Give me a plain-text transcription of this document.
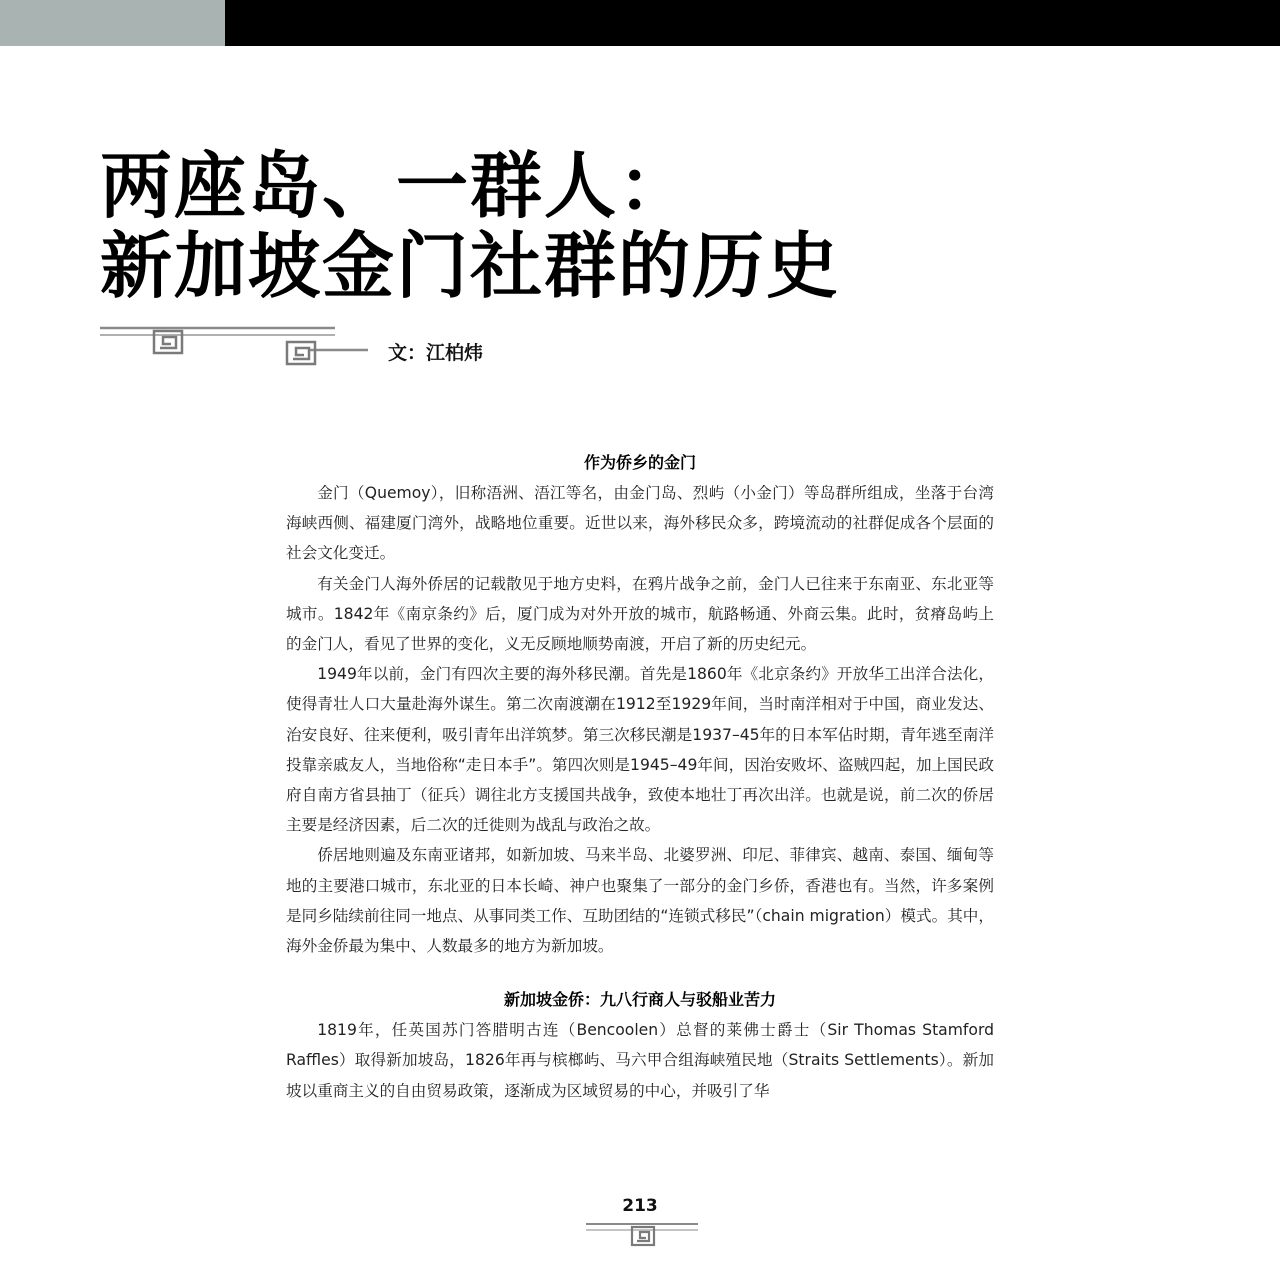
两座岛、一群人：
新加坡金门社群的历史
文：江柏炜
作为侨乡的金门

金门（Quemoy），旧称浯洲、浯江等名，由金门岛、烈屿（小金门）等岛群所组成，坐落于台湾海峡西侧、福建厦门湾外，战略地位重要。近世以来，海外移民众多，跨境流动的社群促成各个层面的社会文化变迁。

有关金门人海外侨居的记载散见于地方史料，在鸦片战争之前，金门人已往来于东南亚、东北亚等城市。1842年《南京条约》后，厦门成为对外开放的城市，航路畅通、外商云集。此时，贫瘠岛屿上的金门人，看见了世界的变化，义无反顾地顺势南渡，开启了新的历史纪元。

1949年以前，金门有四次主要的海外移民潮。首先是1860年《北京条约》开放华工出洋合法化，使得青壮人口大量赴海外谋生。第二次南渡潮在1912至1929年间，当时南洋相对于中国，商业发达、治安良好、往来便利，吸引青年出洋筑梦。第三次移民潮是1937–45年的日本军佔时期，青年逃至南洋投靠亲戚友人，当地俗称“走日本手”。第四次则是1945–49年间，因治安败坏、盗贼四起，加上国民政府自南方省县抽丁（征兵）调往北方支援国共战争，致使本地壮丁再次出洋。也就是说，前二次的侨居主要是经济因素，后二次的迁徙则为战乱与政治之故。

侨居地则遍及东南亚诸邦，如新加坡、马来半岛、北婆罗洲、印尼、菲律宾、越南、泰国、缅甸等地的主要港口城市，东北亚的日本长崎、神户也聚集了一部分的金门乡侨，香港也有。当然，许多案例是同乡陆续前往同一地点、从事同类工作、互助团结的“连锁式移民”（chain migration）模式。其中，海外金侨最为集中、人数最多的地方为新加坡。

新加坡金侨：九八行商人与驳船业苦力

1819年，任英国苏门答腊明古连（Bencoolen）总督的莱佛士爵士（Sir Thomas Stamford Raffles）取得新加坡岛，1826年再与槟榔屿、马六甲合组海峡殖民地（Straits Settlements）。新加坡以重商主义的自由贸易政策，逐渐成为区域贸易的中心，并吸引了华

213
